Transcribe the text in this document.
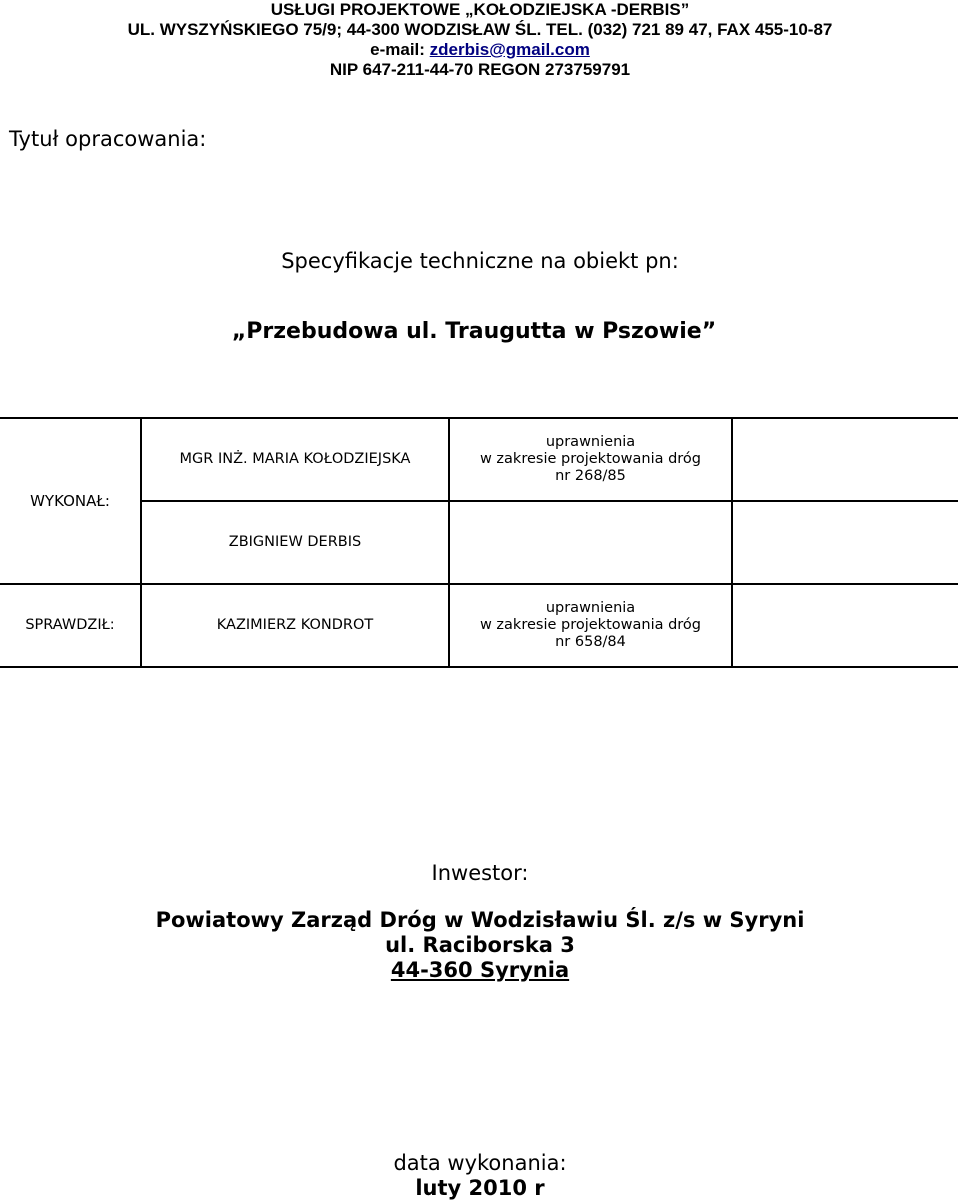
USŁUGI PROJEKTOWE „KOŁODZIEJSKA -DERBIS”
UL. WYSZYŃSKIEGO 75/9; 44-300 WODZISŁAW ŚL. TEL. (032) 721 89 47, FAX 455-10-87
e-mail: zderbis@gmail.com
NIP 647-211-44-70 REGON 273759791
Tytuł opracowania:
Specyfikacje techniczne na obiekt pn:
„Przebudowa ul. Traugutta w Pszowie”
WYKONAŁ:	MGR INŻ. MARIA KOŁODZIEJSKA	uprawnienia
w zakresie projektowania dróg
nr 268/85	
	ZBIGNIEW DERBIS		
SPRAWDZIŁ:	KAZIMIERZ KONDROT	uprawnienia
w zakresie projektowania dróg
nr 658/84	
Inwestor:
Powiatowy Zarząd Dróg w Wodzisławiu Śl. z/s w Syryni
ul. Raciborska 3
44-360 Syrynia
data wykonania:
luty 2010 r
